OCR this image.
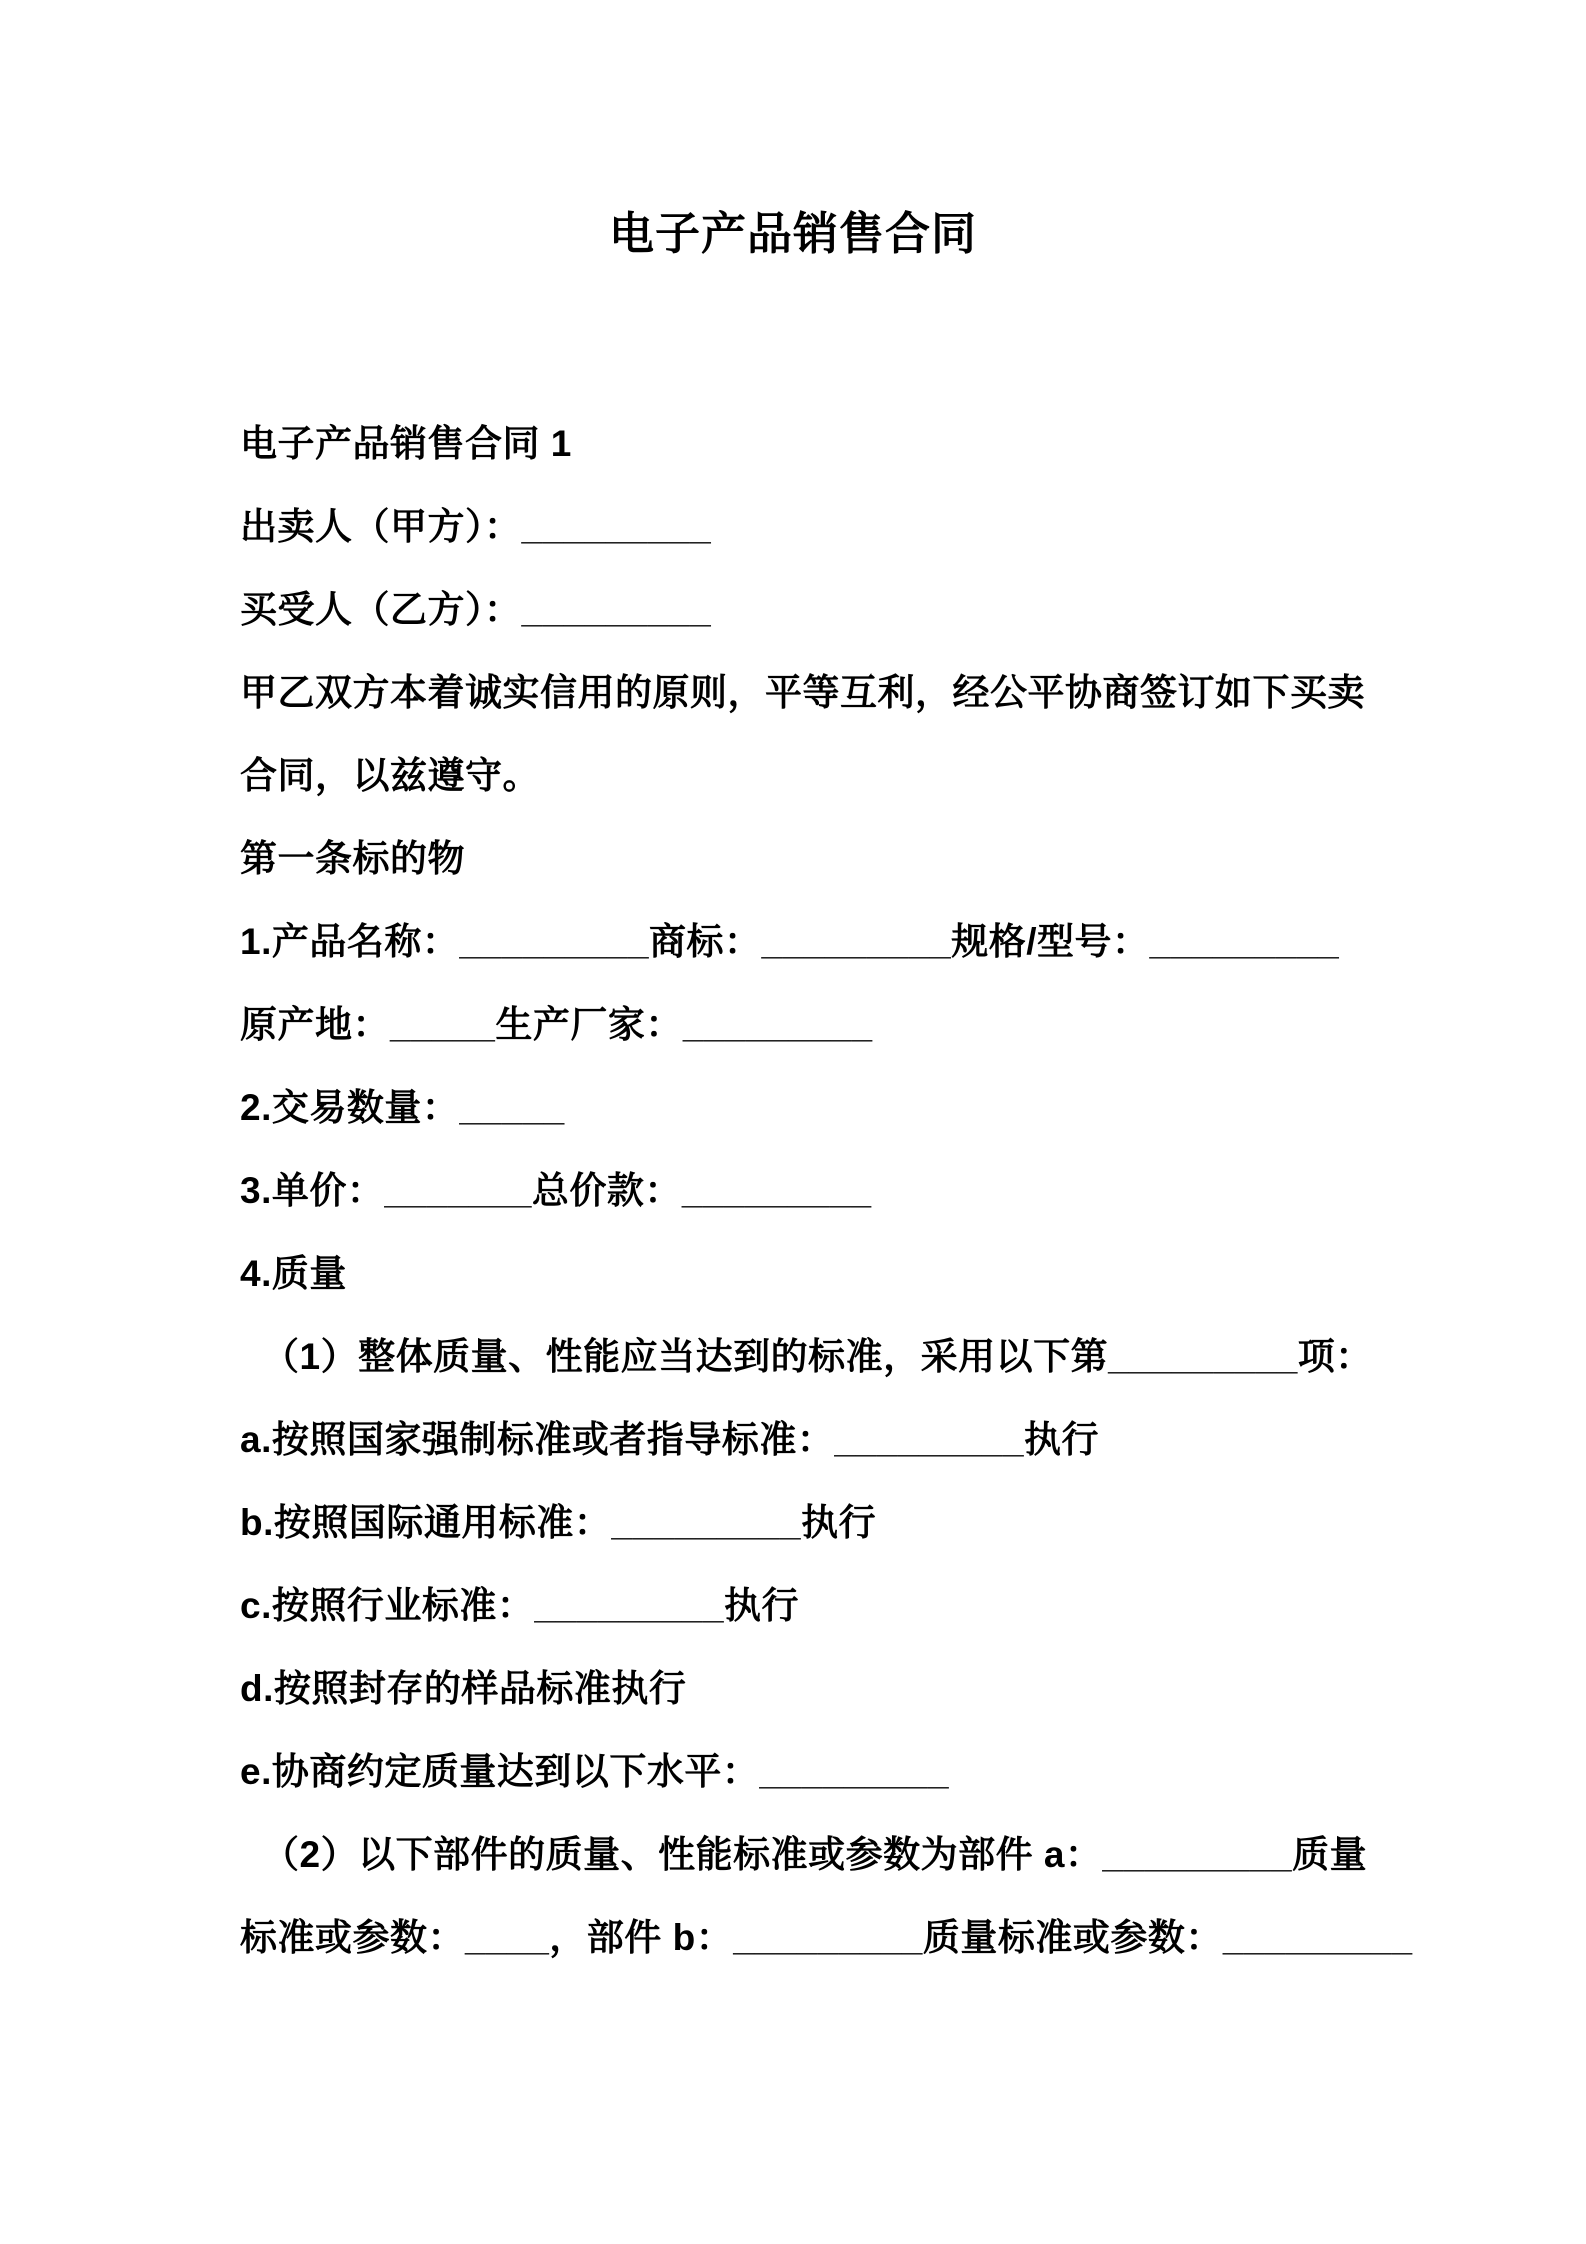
电子产品销售合同
电子产品销售合同 1
出卖人（甲方）：_________
买受人（乙方）：_________
甲乙双方本着诚实信用的原则，平等互利，经公平协商签订如下买卖
合同，以兹遵守。
第一条标的物
1.产品名称：_________商标：_________规格/型号：_________
原产地：_____生产厂家：_________
2.交易数量：_____
3.单价：_______总价款：_________
4.质量
（1）整体质量、性能应当达到的标准，采用以下第_________项：
a.按照国家强制标准或者指导标准：_________执行
b.按照国际通用标准：_________执行
c.按照行业标准：_________执行
d.按照封存的样品标准执行
e.协商约定质量达到以下水平：_________
（2）以下部件的质量、性能标准或参数为部件 a：_________质量
标准或参数：____，部件 b：_________质量标准或参数：_________
